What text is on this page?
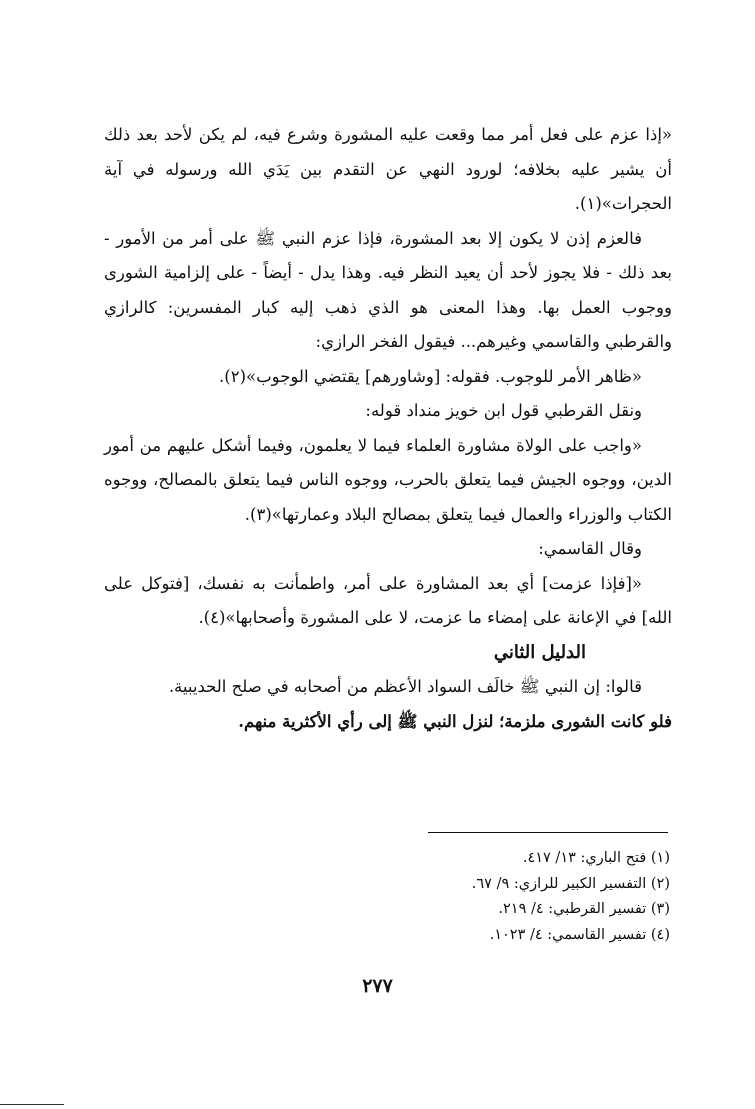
«إذا عزم على فعل أمر مما وقعت عليه المشورة وشرع فيه، لم يكن لأحد بعد ذلك أن يشير عليه بخلافه؛ لورود النهي عن التقدم بين يَدَي الله ورسوله في آية الحجرات»(١).

فالعزم إذن لا يكون إلا بعد المشورة، فإذا عزم النبي ﷺ على أمر من الأمور - بعد ذلك - فلا يجوز لأحد أن يعيد النظر فيه. وهذا يدل - أيضاً - على إلزامية الشورى ووجوب العمل بها. وهذا المعنى هو الذي ذهب إليه كبار المفسرين: كالرازي والقرطبي والقاسمي وغيرهم... فيقول الفخر الرازي:

«ظاهر الأمر للوجوب. فقوله: [وشاورهم] يقتضي الوجوب»(٢).

ونقل القرطبي قول ابن خويز منداد قوله:

«واجب على الولاة مشاورة العلماء فيما لا يعلمون، وفيما أشكل عليهم من أمور الدين، ووجوه الجيش فيما يتعلق بالحرب، ووجوه الناس فيما يتعلق بالمصالح، ووجوه الكتاب والوزراء والعمال فيما يتعلق بمصالح البلاد وعمارتها»(٣).

وقال القاسمي:

«[فإذا عزمت] أي بعد المشاورة على أمر، واطمأنت به نفسك، [فتوكل على الله] في الإعانة على إمضاء ما عزمت، لا على المشورة وأصحابها»(٤).

الدليل الثاني

قالوا: إن النبي ﷺ خالَف السواد الأعظم من أصحابه في صلح الحديبية.

فلو كانت الشورى ملزمة؛ لنزل النبي ﷺ إلى رأي الأكثرية منهم.

(١) فتح الباري: ١٣/ ٤١٧.
(٢) التفسير الكبير للرازي: ٩/ ٦٧.
(٣) تفسير القرطبي: ٤/ ٢١٩.
(٤) تفسير القاسمي: ٤/ ١٠٢٣.
٢٧٧
